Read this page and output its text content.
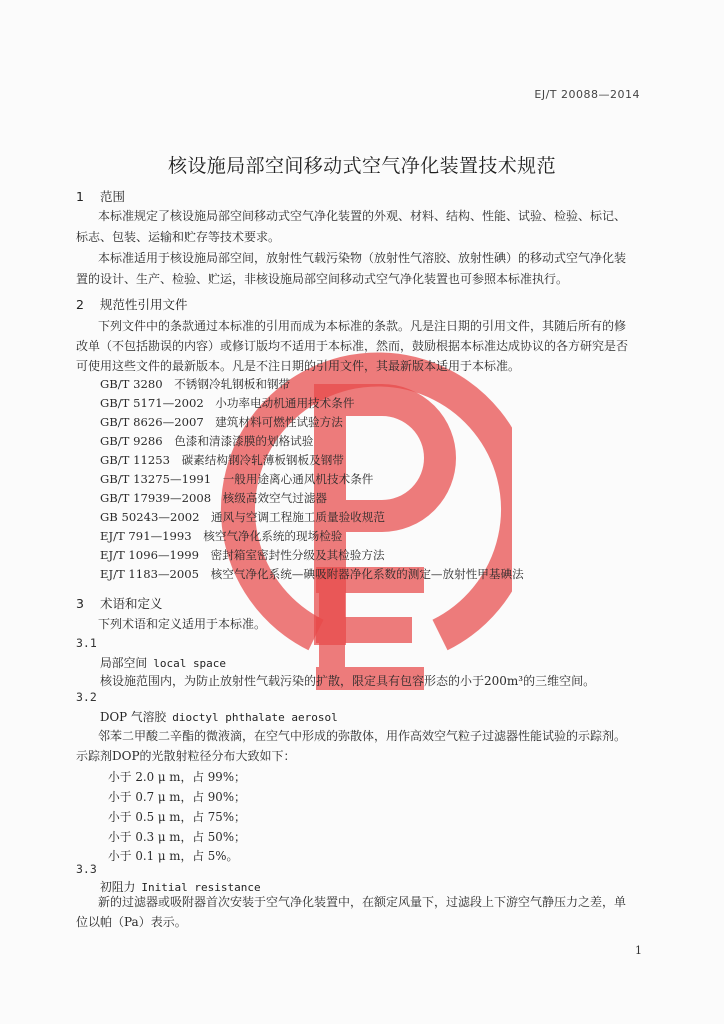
EJ/T 20088—2014
核设施局部空间移动式空气净化装置技术规范
1 范围
本标准规定了核设施局部空间移动式空气净化装置的外观、材料、结构、性能、试验、检验、标记、
标志、包装、运输和贮存等技术要求。
本标准适用于核设施局部空间，放射性气载污染物（放射性气溶胶、放射性碘）的移动式空气净化装
置的设计、生产、检验、贮运，非核设施局部空间移动式空气净化装置也可参照本标准执行。
2 规范性引用文件
下列文件中的条款通过本标准的引用而成为本标准的条款。凡是注日期的引用文件，其随后所有的修
改单（不包括勘误的内容）或修订版均不适用于本标准，然而，鼓励根据本标准达成协议的各方研究是否
可使用这些文件的最新版本。凡是不注日期的引用文件，其最新版本适用于本标准。
GB/T 3280　不锈钢冷轧钢板和钢带
GB/T 5171—2002　小功率电动机通用技术条件
GB/T 8626—2007　建筑材料可燃性试验方法
GB/T 9286　色漆和清漆漆膜的划格试验
GB/T 11253　碳素结构钢冷轧薄板钢板及钢带
GB/T 13275—1991　一般用途离心通风机技术条件
GB/T 17939—2008　核级高效空气过滤器
GB 50243—2002　通风与空调工程施工质量验收规范
EJ/T 791—1993　核空气净化系统的现场检验
EJ/T 1096—1999　密封箱室密封性分级及其检验方法
EJ/T 1183—2005　核空气净化系统—碘吸附器净化系数的测定—放射性甲基碘法
3 术语和定义
下列术语和定义适用于本标准。
3.1
局部空间 local space
核设施范围内，为防止放射性气载污染的扩散，限定具有包容形态的小于200m³的三维空间。
3.2
DOP 气溶胶 dioctyl phthalate aerosol
邻苯二甲酸二辛酯的微液滴，在空气中形成的弥散体，用作高效空气粒子过滤器性能试验的示踪剂。
示踪剂DOP的光散射粒径分布大致如下：
小于 2.0 μ m，占 99%；
小于 0.7 μ m，占 90%；
小于 0.5 μ m，占 75%；
小于 0.3 μ m，占 50%；
小于 0.1 μ m，占 5%。
3.3
初阻力 Initial resistance
新的过滤器或吸附器首次安装于空气净化装置中，在额定风量下，过滤段上下游空气静压力之差，单
位以帕（Pa）表示。
1
